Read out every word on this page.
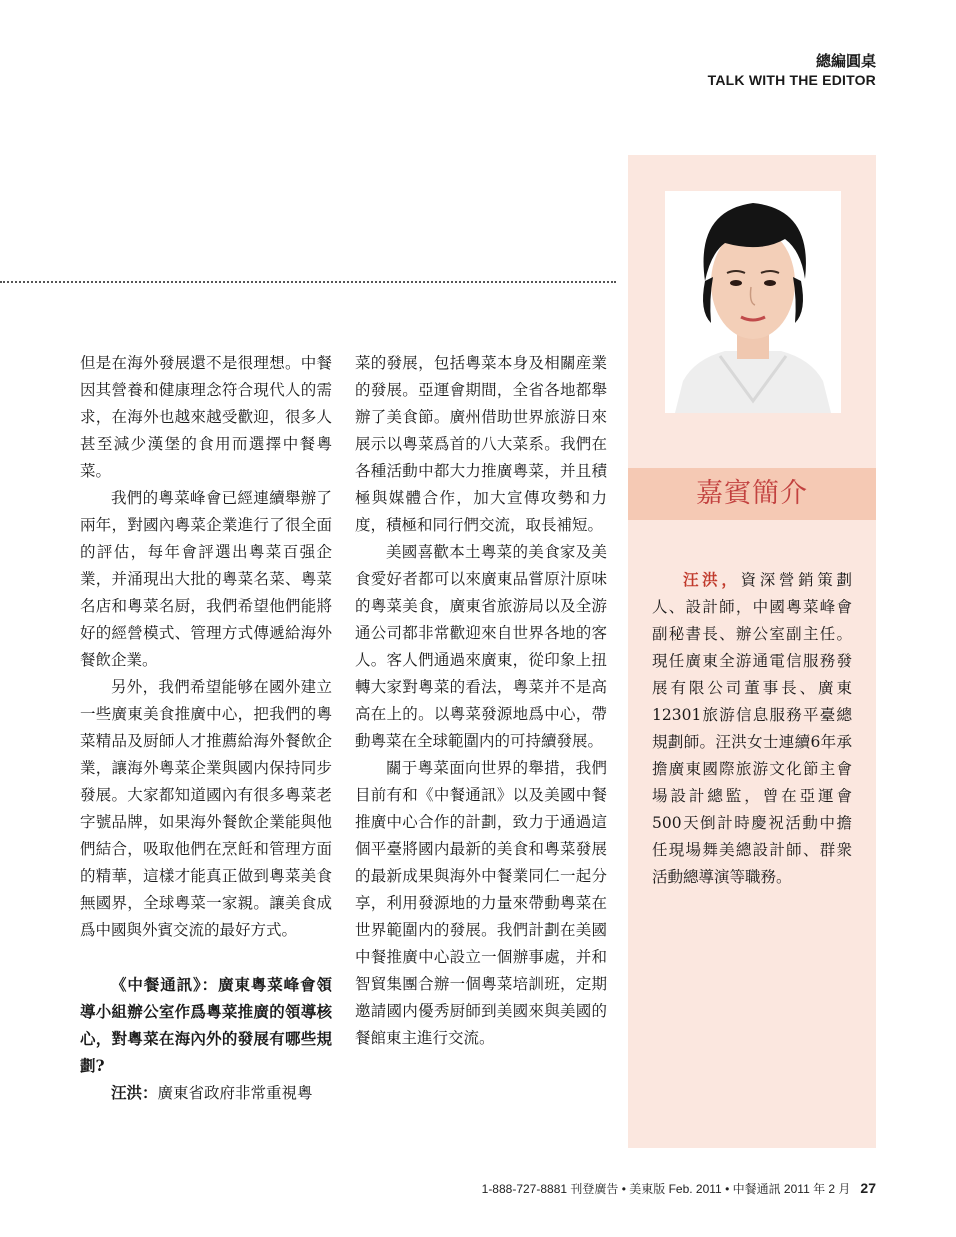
總編圓桌
TALK WITH THE EDITOR

但是在海外發展還不是很理想。中餐因其營養和健康理念符合現代人的需求，在海外也越來越受歡迎，很多人甚至減少漢堡的食用而選擇中餐粵菜。

我們的粵菜峰會已經連續舉辦了兩年，對國內粵菜企業進行了很全面的評估，每年會評選出粵菜百强企業，并涌現出大批的粵菜名菜、粵菜名店和粵菜名厨，我們希望他們能將好的經營模式、管理方式傳遞給海外餐飲企業。

另外，我們希望能够在國外建立一些廣東美食推廣中心，把我們的粵菜精品及厨師人才推薦給海外餐飲企業，讓海外粵菜企業與國内保持同步發展。大家都知道國內有很多粵菜老字號品牌，如果海外餐飲企業能與他們結合，吸取他們在烹飪和管理方面的精華，這樣才能真正做到粵菜美食無國界，全球粵菜一家親。讓美食成爲中國與外賓交流的最好方式。

《中餐通訊》：廣東粵菜峰會領導小組辦公室作爲粵菜推廣的領導核心，對粵菜在海內外的發展有哪些規劃?

汪洪：廣東省政府非常重視粵

菜的發展，包括粵菜本身及相關産業的發展。亞運會期間，全省各地都舉辦了美食節。廣州借助世界旅游日來展示以粵菜爲首的八大菜系。我們在各種活動中都大力推廣粵菜，并且積極與媒體合作，加大宣傳攻勢和力度，積極和同行們交流，取長補短。

美國喜歡本土粵菜的美食家及美食愛好者都可以來廣東品嘗原汁原味的粵菜美食，廣東省旅游局以及全游通公司都非常歡迎來自世界各地的客人。客人們通過來廣東，從印象上扭轉大家對粵菜的看法，粵菜并不是高高在上的。以粵菜發源地爲中心，帶動粵菜在全球範圍内的可持續發展。

關于粵菜面向世界的舉措，我們目前有和《中餐通訊》以及美國中餐推廣中心合作的計劃，致力于通過這個平臺將國内最新的美食和粵菜發展的最新成果與海外中餐業同仁一起分享，利用發源地的力量來帶動粵菜在世界範圍内的發展。我們計劃在美國中餐推廣中心設立一個辦事處，并和智貿集團合辦一個粵菜培訓班，定期邀請國内優秀厨師到美國來與美國的餐館東主進行交流。

嘉賓簡介
汪洪，資深營銷策劃人、設計師，中國粵菜峰會副秘書長、辦公室副主任。現任廣東全游通電信服務發展有限公司董事長、廣東12301旅游信息服務平臺總規劃師。汪洪女士連續6年承擔廣東國際旅游文化節主會場設計總監，曾在亞運會500天倒計時慶祝活動中擔任現場舞美總設計師、群衆活動總導演等職務。
1-888-727-8881 刊登廣告 • 美東版 Feb. 2011 • 中餐通訊 2011 年 2 月 27
